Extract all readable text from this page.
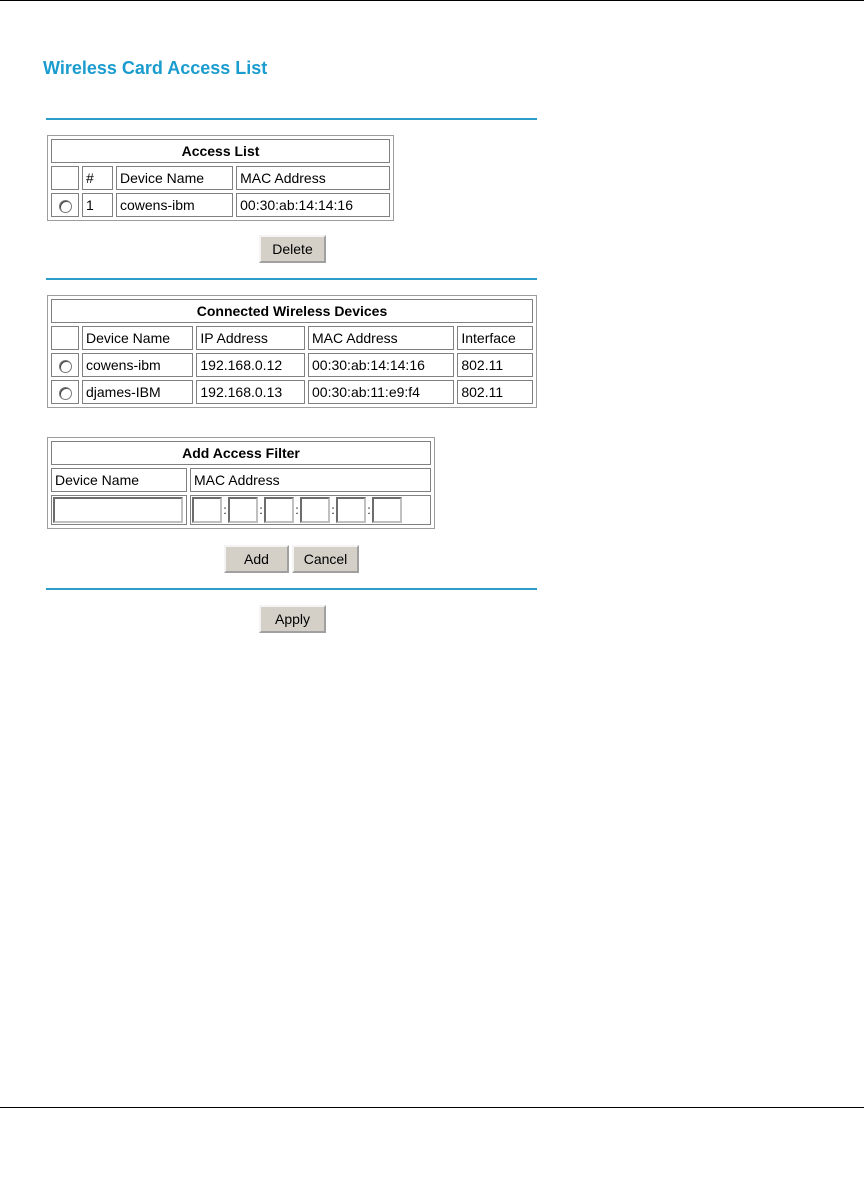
Wireless Card Access List
Access List			
	#	Device Name	MAC Address
	1	cowens-ibm	00:30:ab:14:14:16
Delete
Connected Wireless Devices				
	Device Name	IP Address	MAC Address	Interface
	cowens-ibm	192.168.0.12	00:30:ab:14:14:16	802.11
	djames-IBM	192.168.0.13	00:30:ab:11:e9:f4	802.11
Add Access Filter	
Device Name	MAC Address
	: : : : :
Add	Cancel
Apply
